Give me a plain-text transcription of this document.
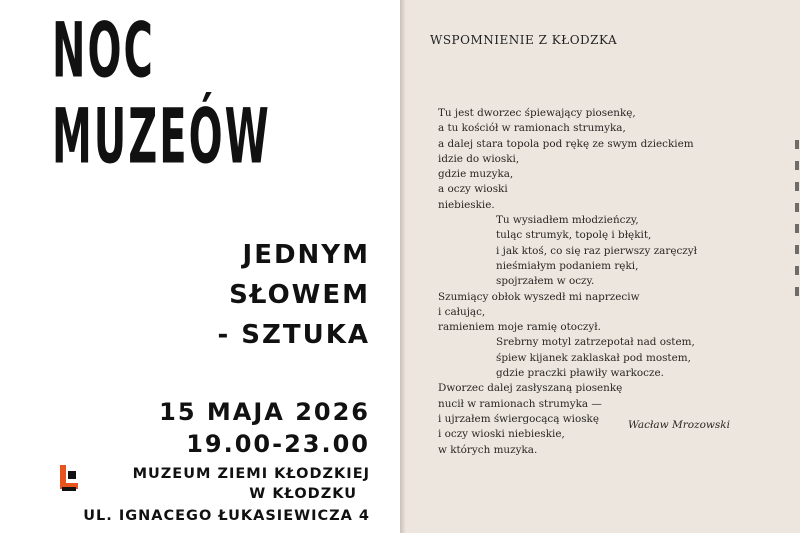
NOC
MUZEÓW
JEDNYM
SŁOWEM
- SZTUKA
15 MAJA 2026
19.00-23.00
MUZEUM ZIEMI KŁODZKIEJ
W KŁODZKU
UL. IGNACEGO ŁUKASIEWICZA 4
WSPOMNIENIE Z KŁODZKA
Tu jest dworzec śpiewający piosenkę,
a tu kościół w ramionach strumyka,
a dalej stara topola pod rękę ze swym dzieckiem
idzie do wioski,
gdzie muzyka,
a oczy wioski
niebieskie.
Tu wysiadłem młodzieńczy,
tuląc strumyk, topolę i błękit,
i jak ktoś, co się raz pierwszy zaręczył
nieśmiałym podaniem ręki,
spojrzałem w oczy.
Szumiący obłok wyszedł mi naprzeciw
i całując,
ramieniem moje ramię otoczył.
Srebrny motyl zatrzepotał nad ostem,
śpiew kijanek zaklaskał pod mostem,
gdzie praczki pławiły warkocze.
Dworzec dalej zasłyszaną piosenkę
nucił w ramionach strumyka —
i ujrzałem świergocącą wioskę
i oczy wioski niebieskie,
w których muzyka.
Wacław Mrozowski
